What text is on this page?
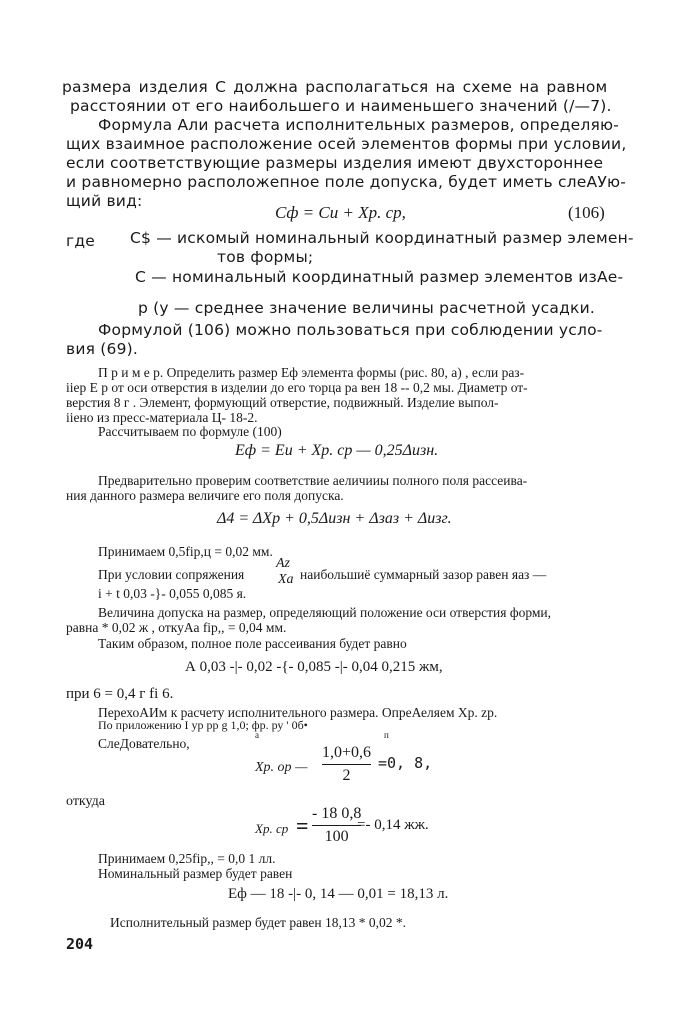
размера изделия С должна располагаться на схеме на равном
расстоянии от его наибольшего и наименьшего значений (/—7).
Формула Али расчета исполнительных размеров, определяю-
щих взаимное расположение осей элементов формы при условии,
если соответствующие размеры изделия имеют двухстороннее
и равномерно расположепное поле допуска, будет иметь слеАУю-
щий вид:
Cф = Cи + Xр. ср,	(106)
где С$ — искомый номинальный координатный размер элемен-
тов формы;
С — номинальный координатный размер элементов изАе-
р (у — среднее значение величины расчетной усадки.
Формулой (106) можно пользоваться при соблюдении усло-
вия (69).
П р и м е р. Определить размер Еф элемента формы (рис. 80, а) , если раз-
iiер Е р от оси отверстия в изделии до его торца ра вен 18 -- 0,2 мы. Диаметр от-
верстия 8 г . Элемент, формующий отверстие, подвижный. Изделие выпол-
iiено из пресс-материала Ц- 18-2.
Рассчитываем по формуле (100)
Eф = Eи + Xр. ср — 0,25Δизн.
Предварительно проверим соответствие аеличииы полного поля рассеива-
ния данного размера величиге его поля допуска.
Δ4 = ΔXр + 0,5Δизн + Δзаз + Δизг.
Принимаем 0,5fip,ц = 0,02 мм.
При условии сопряжения
Az
Xа наибольшиё суммарный зазор равен яаз —
i + t 0,03 -}- 0,055 0,085 я.
Величина допуска на размер, определяющий положение оси отверстия форми,
равна * 0,02 ж , откуАа fip,, = 0,04 мм.
Таким образом, полное поле рассеивания будет равно
А 0,03 -|- 0,02 -{- 0,085 -|- 0,04 0,215 жм,
при 6 = 0,4 г fi 6.
ПерехоАИм к расчету исполнительного размера. ОпреАеляем Хр. zр.
По приложению I ур рр g 1,0; фр. ру ' 0б•
а	п
СлеДовательно,
Xр. ор —
1,0+0,6
2
=0, 8,
откуда
Xр. ср = - 18 0,8
100
=- 0,14 жж.
Принимаем 0,25fip,, = 0,0 1 лл.
Номинальный размер будет равен
Еф — 18 -|- 0, 14 — 0,01 = 18,13 л.
Исполнительный размер будет равен 18,13 * 0,02 *.
204
